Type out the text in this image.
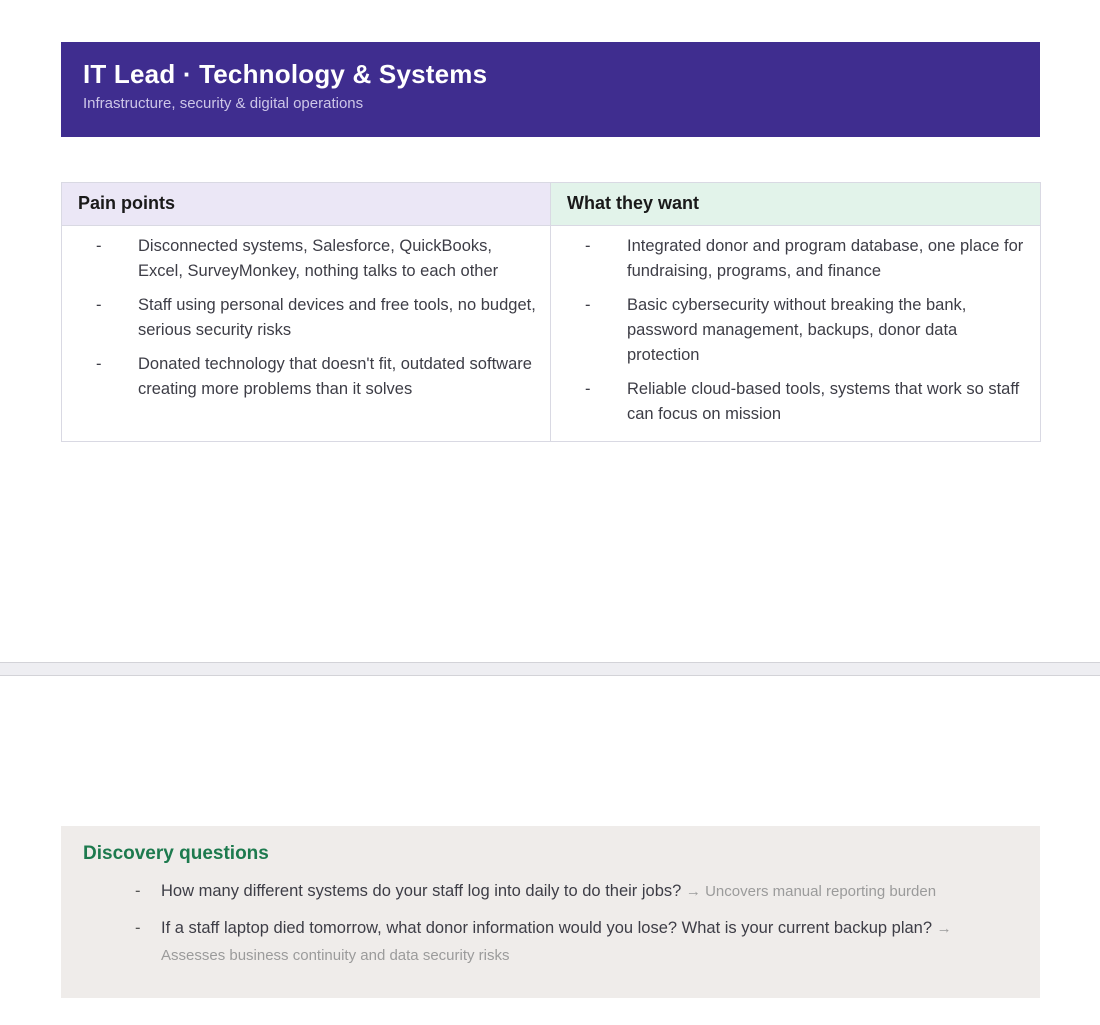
IT Lead · Technology & Systems
Infrastructure, security & digital operations
Pain points	What they want

- Disconnected systems, Salesforce, QuickBooks, Excel, SurveyMonkey, nothing talks to each other
- Staff using personal devices and free tools, no budget, serious security risks
- Donated technology that doesn't fit, outdated software creating more problems than it solves

- Integrated donor and program database, one place for fundraising, programs, and finance
- Basic cybersecurity without breaking the bank, password management, backups, donor data protection
- Reliable cloud-based tools, systems that work so staff can focus on mission
Discovery questions
- How many different systems do your staff log into daily to do their jobs? → Uncovers manual reporting burden
- If a staff laptop died tomorrow, what donor information would you lose? What is your current backup plan? → Assesses business continuity and data security risks
